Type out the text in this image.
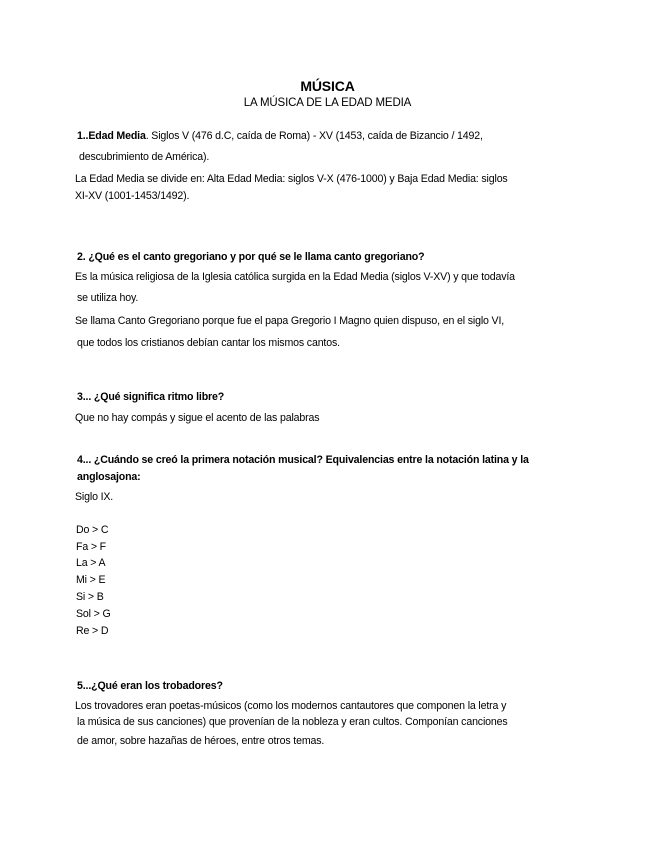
MÚSICA
LA MÚSICA DE LA EDAD MEDIA
1..Edad Media. Siglos V (476 d.C, caída de Roma) - XV (1453, caída de Bizancio / 1492,
descubrimiento de América).
La Edad Media se divide en: Alta Edad Media: siglos V-X (476-1000) y Baja Edad Media: siglos
XI-XV (1001-1453/1492).
2. ¿Qué es el canto gregoriano y por qué se le llama canto gregoriano?
Es la música religiosa de la Iglesia católica surgida en la Edad Media (siglos V-XV) y que todavía
se utiliza hoy.
Se llama Canto Gregoriano porque fue el papa Gregorio I Magno quien dispuso, en el siglo VI,
que todos los cristianos debían cantar los mismos cantos.
3... ¿Qué significa ritmo libre?
Que no hay compás y sigue el acento de las palabras
4... ¿Cuándo se creó la primera notación musical? Equivalencias entre la notación latina y la
anglosajona:
Siglo IX.
Do > C
Fa > F
La > A
Mi > E
Si > B
Sol > G
Re > D
5...¿Qué eran los trobadores?
Los trovadores eran poetas-músicos (como los modernos cantautores que componen la letra y
la música de sus canciones) que provenían de la nobleza y eran cultos. Componían canciones
de amor, sobre hazañas de héroes, entre otros temas.
